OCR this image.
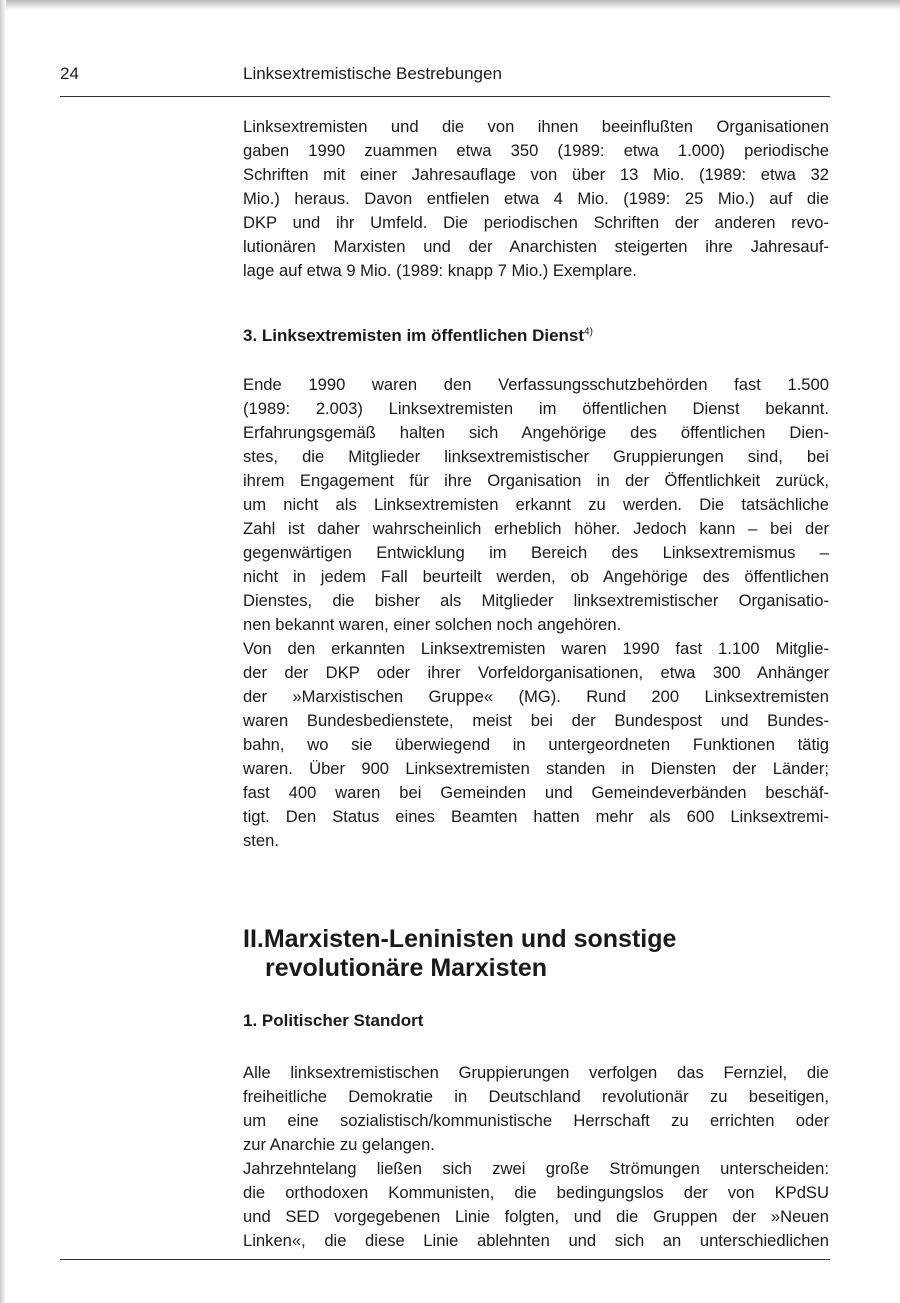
24	Linksextremistische Bestrebungen
Linksextremisten und die von ihnen beeinflußten Organisationen
gaben 1990 zuammen etwa 350 (1989: etwa 1.000) periodische
Schriften mit einer Jahresauflage von über 13 Mio. (1989: etwa 32
Mio.) heraus. Davon entfielen etwa 4 Mio. (1989: 25 Mio.) auf die
DKP und ihr Umfeld. Die periodischen Schriften der anderen revo-
lutionären Marxisten und der Anarchisten steigerten ihre Jahresauf-
lage auf etwa 9 Mio. (1989: knapp 7 Mio.) Exemplare.
3. Linksextremisten im öffentlichen Dienst$^{4)}$
Ende 1990 waren den Verfassungsschutzbehörden fast 1.500
(1989: 2.003) Linksextremisten im öffentlichen Dienst bekannt.
Erfahrungsgemäß halten sich Angehörige des öffentlichen Dien-
stes, die Mitglieder linksextremistischer Gruppierungen sind, bei
ihrem Engagement für ihre Organisation in der Öffentlichkeit zurück,
um nicht als Linksextremisten erkannt zu werden. Die tatsächliche
Zahl ist daher wahrscheinlich erheblich höher. Jedoch kann – bei der
gegenwärtigen Entwicklung im Bereich des Linksextremismus –
nicht in jedem Fall beurteilt werden, ob Angehörige des öffentlichen
Dienstes, die bisher als Mitglieder linksextremistischer Organisatio-
nen bekannt waren, einer solchen noch angehören.
Von den erkannten Linksextremisten waren 1990 fast 1.100 Mitglie-
der der DKP oder ihrer Vorfeldorganisationen, etwa 300 Anhänger
der »Marxistischen Gruppe« (MG). Rund 200 Linksextremisten
waren Bundesbedienstete, meist bei der Bundespost und Bundes-
bahn, wo sie überwiegend in untergeordneten Funktionen tätig
waren. Über 900 Linksextremisten standen in Diensten der Länder;
fast 400 waren bei Gemeinden und Gemeindeverbänden beschäf-
tigt. Den Status eines Beamten hatten mehr als 600 Linksextremi-
sten.
II.Marxisten-Leninisten und sonstige
revolutionäre Marxisten
1. Politischer Standort
Alle linksextremistischen Gruppierungen verfolgen das Fernziel, die
freiheitliche Demokratie in Deutschland revolutionär zu beseitigen,
um eine sozialistisch/kommunistische Herrschaft zu errichten oder
zur Anarchie zu gelangen.
Jahrzehntelang ließen sich zwei große Strömungen unterscheiden:
die orthodoxen Kommunisten, die bedingungslos der von KPdSU
und SED vorgegebenen Linie folgten, und die Gruppen der »Neuen
Linken«, die diese Linie ablehnten und sich an unterschiedlichen
